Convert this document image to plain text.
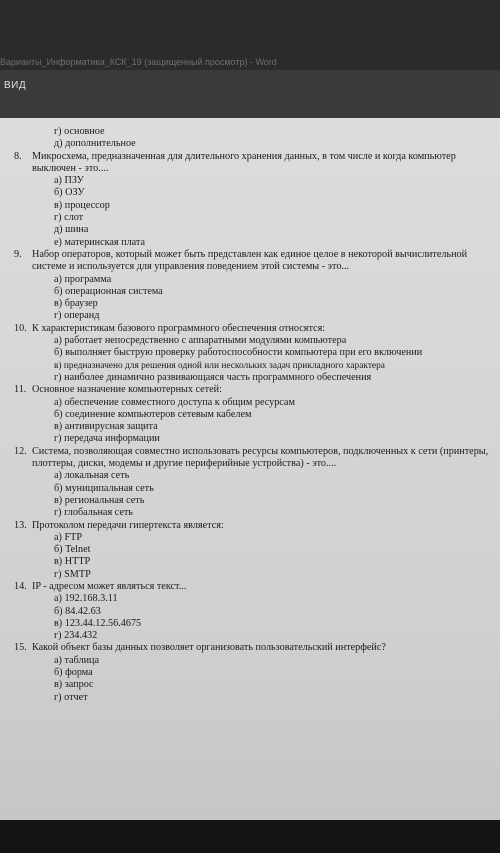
Варианты_Информатика_КСК_19 (защищенный просмотр) - Word
ВИД
г) основное
д) дополнительное
8.	Микросхема, предназначенная для длительного хранения данных, в том числе и когда компьютер выключен - это....
а) ПЗУ
б) ОЗУ
в) процессор
г) слот
д) шина
е) материнская плата
9.	Набор операторов, который может быть представлен как единое целое в некоторой вычислительной системе и используется для управления поведением этой системы - это...
а) программа
б) операционная система
в) браузер
г) операнд
10. К характеристикам базового программного обеспечения относятся:
а) работает непосредственно с аппаратными модулями компьютера
б) выполняет быструю проверку работоспособности компьютера при его включении
в) предназначено для решения одной или нескольких задач прикладного характера
г) наиболее динамично развивающаяся часть программного обеспечения
11. Основное назначение компьютерных сетей:
а) обеспечение совместного доступа к общим ресурсам
б) соединение компьютеров сетевым кабелем
в) антивирусная защита
г) передача информации
12. Система, позволяющая совместно использовать ресурсы компьютеров, подключенных к сети (принтеры, плоттеры, диски, модемы и другие периферийные устройства) - это....
а) локальная сеть
б) муниципальная сеть
в) региональная сеть
г) глобальная сеть
13. Протоколом передачи гипертекста является:
а) FTP
б) Telnet
в) HTTP
г) SMTP
14. IP - адресом может являться текст...
а) 192.168.3.11
б) 84.42.63
в) 123.44.12.56.4675
г) 234.432
15. Какой объект базы данных позволяет организовать пользовательский интерфейс?
а) таблица
б) форма
в) запрос
г) отчет
